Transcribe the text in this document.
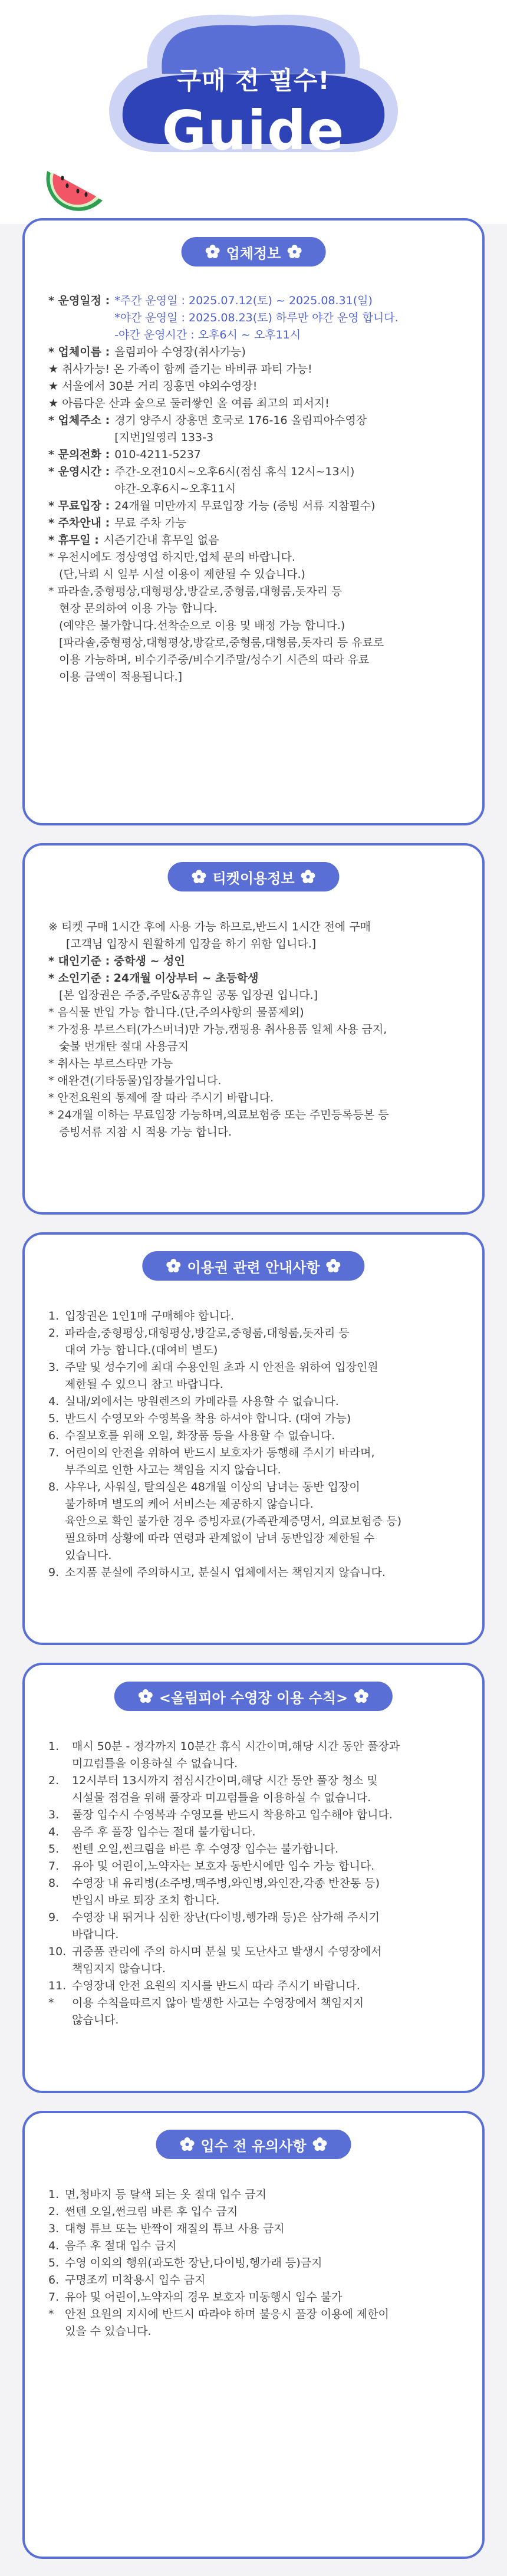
구매 전 필수!
Guide
업체정보
* 운영일정 : *주간 운영일 : 2025.07.12(토) ~ 2025.08.31(일)
*야간 운영일 : 2025.08.23(토) 하루만 야간 운영 합니다.
-야간 운영시간 : 오후6시 ~ 오후11시
* 업체이름 : 올림피아 수영장(취사가능)
★ 취사가능! 온 가족이 함께 즐기는 바비큐 파티 가능!
★ 서울에서 30분 거리 징흥면 야외수영장!
★ 아름다운 산과 숲으로 둘러쌓인 올 여름 최고의 피서지!
* 업체주소 : 경기 양주시 장흥면 호국로 176-16 올림피아수영장
[지번]일영리 133-3
* 문의전화 : 010-4211-5237
* 운영시간 : 주간-오전10시~오후6시(점심 휴식 12시~13시)
야간-오후6시~오후11시
* 무료입장 : 24개월 미만까지 무료입장 가능 (증빙 서류 지참필수)
* 주차안내 : 무료 주차 가능
* 휴무일 : 시즌기간내 휴무일 없음
* 우천시에도 정상영업 하지만,업체 문의 바랍니다.
(단,낙뢰 시 일부 시설 이용이 제한될 수 있습니다.)
* 파라솔,중형평상,대형평상,방갈로,중형룸,대형룸,돗자리 등
현장 문의하여 이용 가능 합니다.
(예약은 불가합니다.선착순으로 이용 및 배정 가능 합니다.)
[파라솔,중형평상,대형평상,방갈로,중형룸,대형룸,돗자리 등 유료로
이용 가능하며, 비수기주중/비수기주말/성수기 시즌의 따라 유료
이용 금액이 적용됩니다.]
티켓이용정보
※ 티켓 구매 1시간 후에 사용 가능 하므로,반드시 1시간 전에 구매
[고객님 입장시 원활하게 입장을 하기 위함 입니다.]
* 대인기준 : 중학생 ~ 성인
* 소인기준 : 24개월 이상부터 ~ 초등학생
[본 입장권은 주중,주말&공휴일 공통 입장권 입니다.]
* 음식물 반입 가능 합니다.(단,주의사항의 물품제외)
* 가정용 부르스터(가스버너)만 가능,캠핑용 취사용품 일체 사용 금지,
숯불 번개탄 절대 사용금지
* 취사는 부르스타만 가능
* 애완견(기타동물)입장불가입니다.
* 안전요원의 통제에 잘 따라 주시기 바랍니다.
* 24개월 이하는 무료입장 가능하며,의료보험증 또는 주민등록등본 등
증빙서류 지참 시 적용 가능 합니다.
이용권 관련 안내사항
1. 입장권은 1인1매 구매해야 합니다.
2. 파라솔,중형평상,대형평상,방갈로,중형룸,대형룸,돗자리 등
대여 가능 합니다.(대여비 별도)
3. 주말 및 성수기에 최대 수용인원 초과 시 안전을 위하여 입장인원
제한될 수 있으니 참고 바랍니다.
4. 실내/외에서는 망원렌즈의 카메라를 사용할 수 없습니다.
5. 반드시 수영모와 수영복을 착용 하셔야 합니다. (대여 가능)
6. 수질보호를 위해 오일, 화장품 등을 사용할 수 없습니다.
7. 어린이의 안전을 위하여 반드시 보호자가 동행해 주시기 바라며,
부주의로 인한 사고는 책임을 지지 않습니다.
8. 샤우나, 사워실, 탈의실은 48개월 이상의 남녀는 동반 입장이
불가하며 별도의 케어 서비스는 제공하지 않습니다.
육안으로 확인 불가한 경우 증빙자료(가족관계증명서, 의료보험증 등)
필요하며 상황에 따라 연령과 관계없이 남녀 동반입장 제한될 수
있습니다.
9. 소지품 분실에 주의하시고, 분실시 업체에서는 책임지지 않습니다.
<올림피아 수영장 이용 수칙>
1.	매시 50분 - 정각까지 10분간 휴식 시간이며,해당 시간 동안 풀장과
미끄럼틀을 이용하실 수 없습니다.
2.	12시부터 13시까지 점심시간이며,해당 시간 동안 풀장 청소 및
시설물 점검을 위해 풀장과 미끄럼틀을 이용하실 수 없습니다.
3.	풀장 입수시 수영복과 수영모를 반드시 착용하고 입수해야 합니다.
4.	음주 후 풀장 입수는 절대 불가합니다.
5.	썬텐 오일,썬크림을 바른 후 수영장 입수는 불가합니다.
7.	유아 및 어린이,노약자는 보호자 동반시에만 입수 가능 합니다.
8.	수영장 내 유리병(소주병,맥주병,와인병,와인잔,각종 반찬통 등)
반입시 바로 퇴장 조치 합니다.
9.	수영장 내 뛰거나 심한 장난(다이빙,헹가래 등)은 삼가해 주시기
바랍니다.
10. 귀중품 관리에 주의 하시며 분실 및 도난사고 발생시 수영장에서
책임지지 않습니다.
11. 수영장내 안전 요원의 지시를 반드시 따라 주시기 바랍니다.
*	이용 수칙을따르지 않아 발생한 사고는 수영장에서 책임지지
않습니다.
입수 전 유의사항
1. 면,청바지 등 탈색 되는 옷 절대 입수 금지
2. 썬텐 오일,썬크림 바른 후 입수 금지
3. 대형 튜브 또는 반짝이 재질의 튜브 사용 금지
4. 음주 후 절대 입수 금지
5. 수영 이외의 행위(과도한 장난,다이빙,헹가래 등)금지
6. 구명조끼 미착용시 입수 금지
7. 유아 및 어린이,노약자의 경우 보호자 미동행시 입수 불가
* 안전 요원의 지시에 반드시 따라야 하며 불응시 풀장 이용에 제한이
있을 수 있습니다.
